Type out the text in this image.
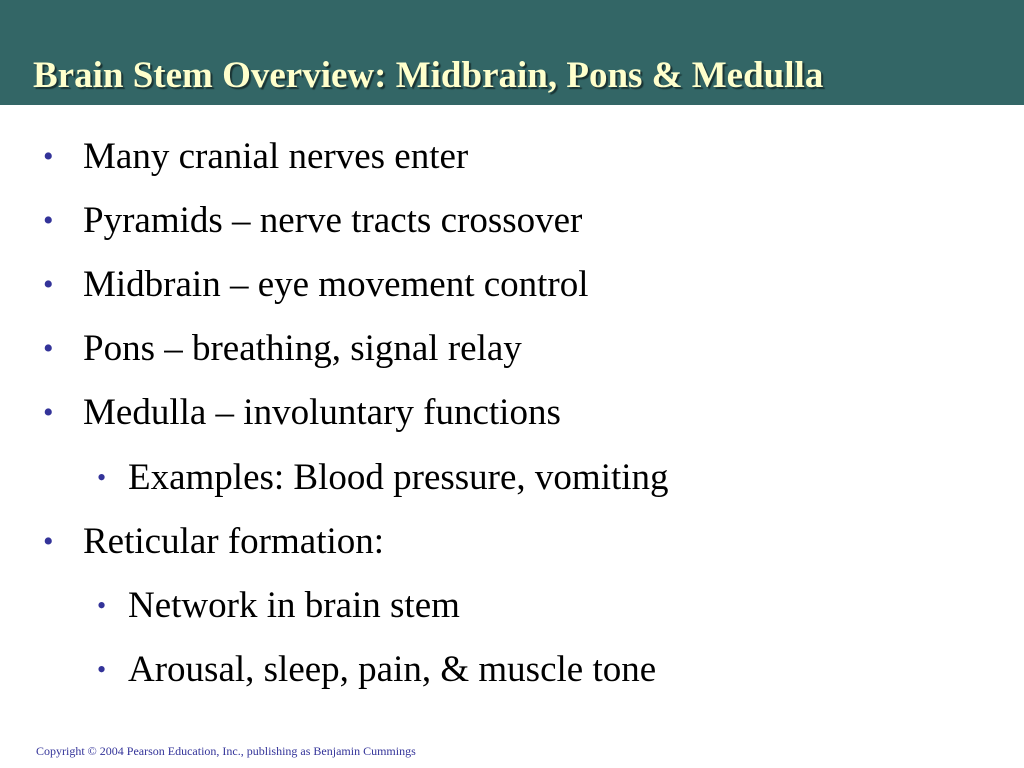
Brain Stem Overview: Midbrain, Pons & Medulla
• Many cranial nerves enter
• Pyramids – nerve tracts crossover
• Midbrain – eye movement control
• Pons – breathing, signal relay
• Medulla – involuntary functions
• Examples: Blood pressure, vomiting
• Reticular formation:
• Network in brain stem
• Arousal, sleep, pain, & muscle tone
Copyright © 2004 Pearson Education, Inc., publishing as Benjamin Cummings
